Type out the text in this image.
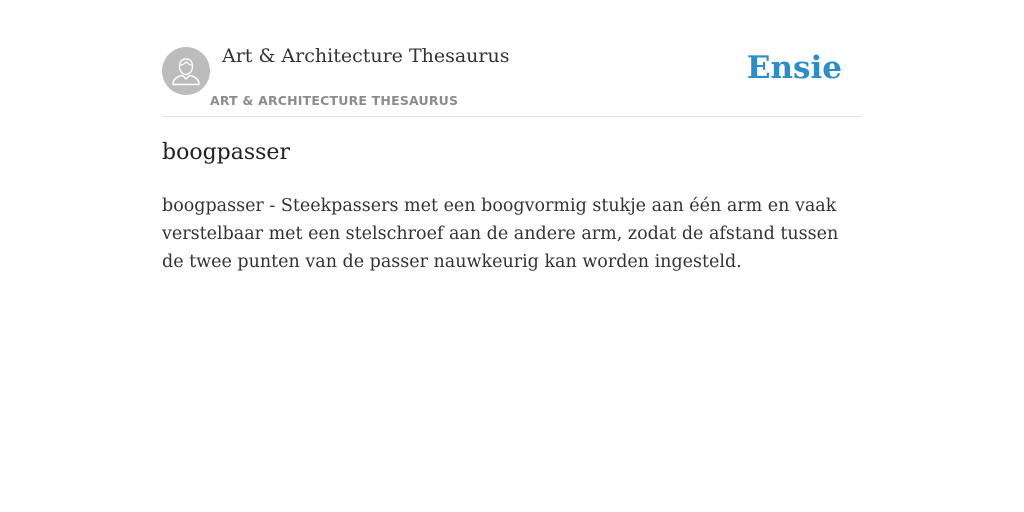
Art & Architecture Thesaurus
ART & ARCHITECTURE THESAURUS
Ensie
boogpasser

boogpasser - Steekpassers met een boogvormig stukje aan één arm en vaak verstelbaar met een stelschroef aan de andere arm, zodat de afstand tussen de twee punten van de passer nauwkeurig kan worden ingesteld.
